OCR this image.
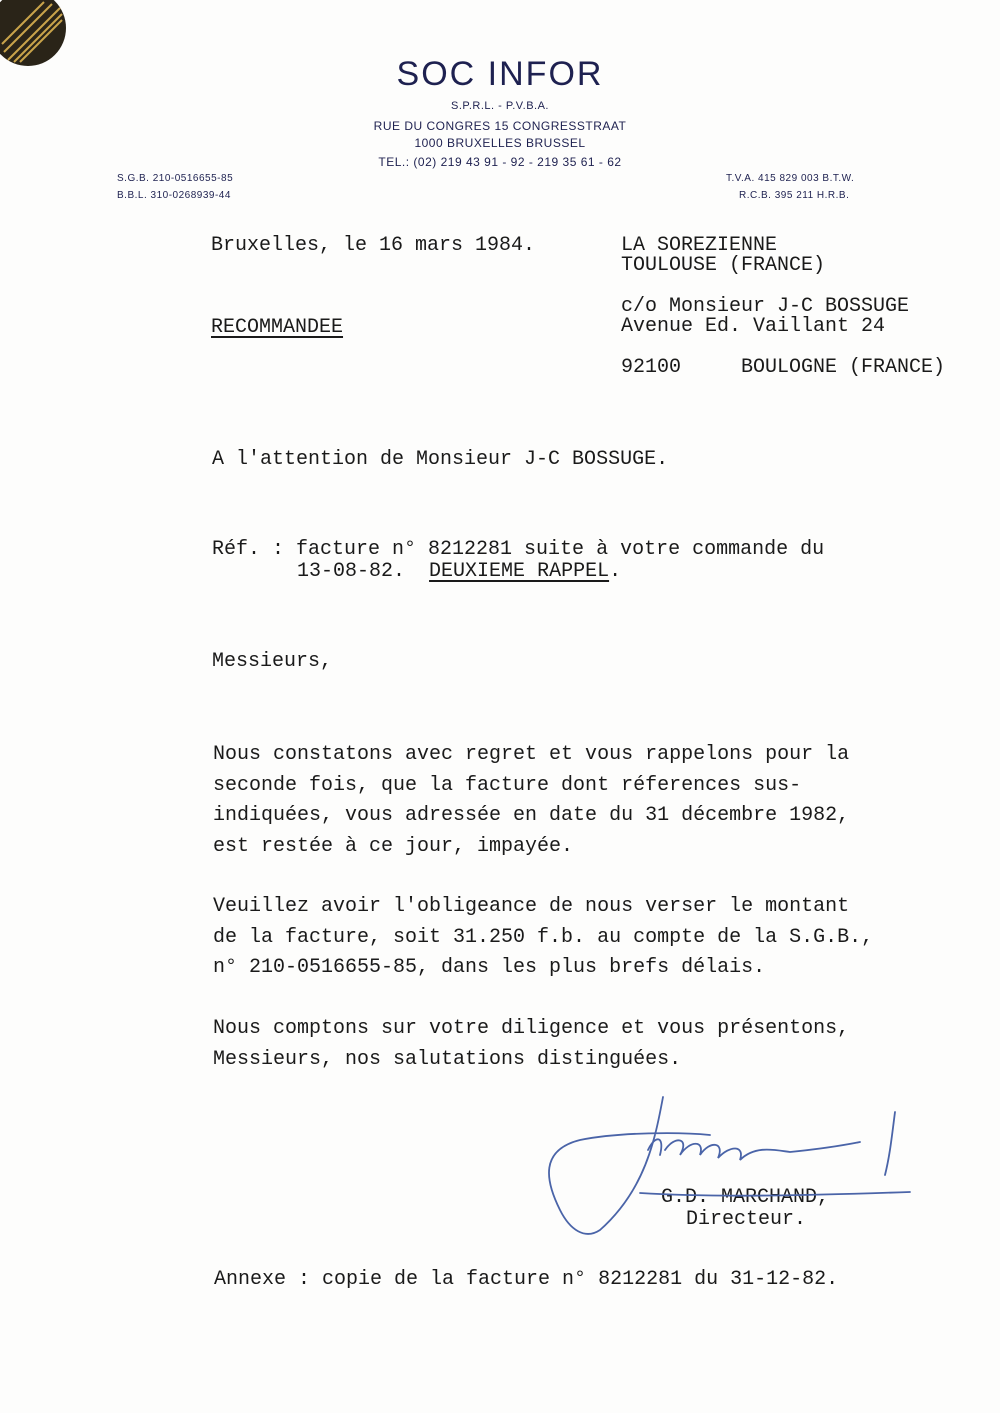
SOC INFOR
S.P.R.L. - P.V.B.A.
RUE DU CONGRES 15 CONGRESSTRAAT
1000 BRUXELLES BRUSSEL
TEL.: (02) 219 43 91 - 92 - 219 35 61 - 62
S.G.B. 210-0516655-85
B.B.L. 310-0268939-44
T.V.A. 415 829 003 B.T.W.
R.C.B. 395 211 H.R.B.
Bruxelles, le 16 mars 1984.
RECOMMANDEE
LA SOREZIENNE
TOULOUSE (FRANCE)
c/o Monsieur J-C BOSSUGE
Avenue Ed. Vaillant 24
92100	BOULOGNE (FRANCE)
A l'attention de Monsieur J-C BOSSUGE.
Réf. : facture n° 8212281 suite à votre commande du
13-08-82. DEUXIEME RAPPEL.
Messieurs,
Nous constatons avec regret et vous rappelons pour la
seconde fois, que la facture dont réferences sus-
indiquées, vous adressée en date du 31 décembre 1982,
est restée à ce jour, impayée.
Veuillez avoir l'obligeance de nous verser le montant
de la facture, soit 31.250 f.b. au compte de la S.G.B.,
n° 210-0516655-85, dans les plus brefs délais.
Nous comptons sur votre diligence et vous présentons,
Messieurs, nos salutations distinguées.
G.D. MARCHAND,
Directeur.
Annexe : copie de la facture n° 8212281 du 31-12-82.
